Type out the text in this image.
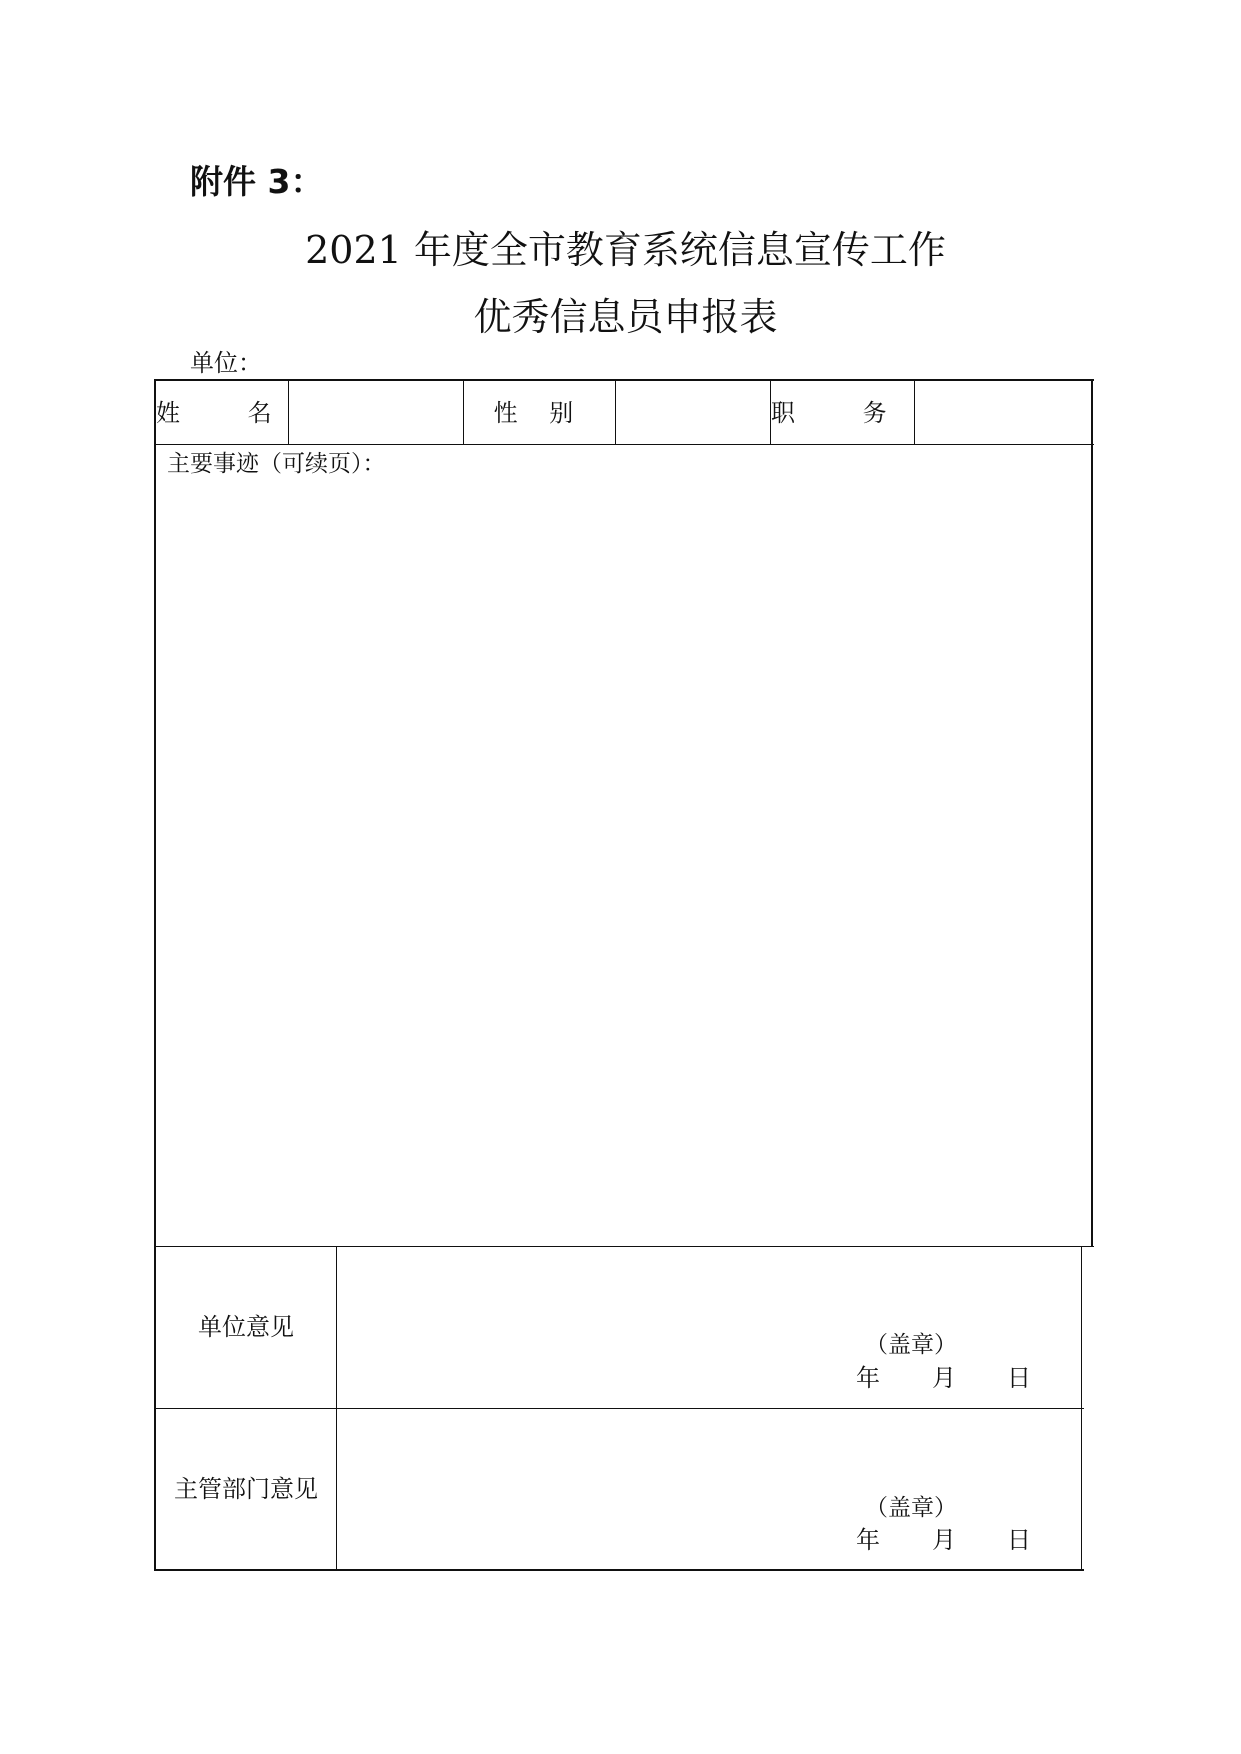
附件 3：
2021 年度全市教育系统信息宣传工作
优秀信息员申报表
单位：
姓 名	性 别	职 务
主要事迹（可续页）：
单位意见
（盖章）
年 月 日
主管部门意见
（盖章）
年 月 日
